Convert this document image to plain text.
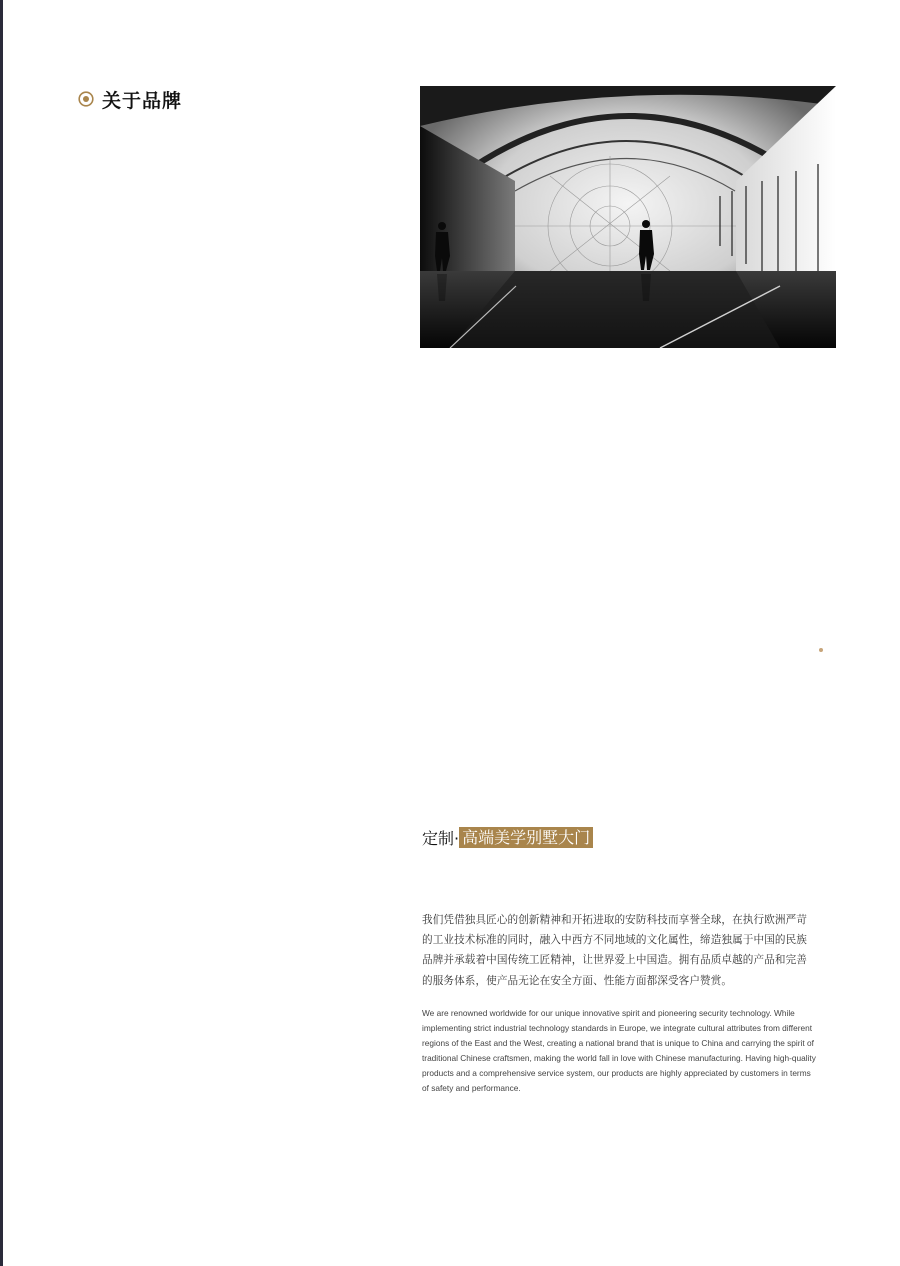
关于品牌
定制· 高端美学别墅大门

我们凭借独具匠心的创新精神和开拓进取的安防科技而享誉全球，在执行欧洲严苛的工业技术标准的同时，融入中西方不同地域的文化属性，缔造独属于中国的民族品牌并承载着中国传统工匠精神，让世界爱上中国造。拥有品质卓越的产品和完善的服务体系，使产品无论在安全方面、性能方面都深受客户赞赏。

We are renowned worldwide for our unique innovative spirit and pioneering security technology. While implementing strict industrial technology standards in Europe, we integrate cultural attributes from different regions of the East and the West, creating a national brand that is unique to China and carrying the spirit of traditional Chinese craftsmen, making the world fall in love with Chinese manufacturing. Having high-quality products and a comprehensive service system, our products are highly appreciated by customers in terms of safety and performance.
